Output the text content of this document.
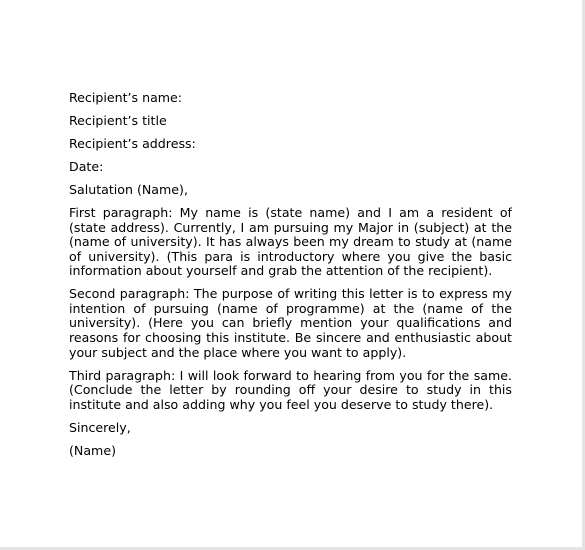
Recipient’s name:
Recipient’s title
Recipient’s address:
Date:
Salutation (Name),

First paragraph: My name is (state name) and I am a resident of (state address). Currently, I am pursuing my Major in (subject) at the (name of university). It has always been my dream to study at (name of university). (This para is introductory where you give the basic information about yourself and grab the attention of the recipient).

Second paragraph: The purpose of writing this letter is to express my intention of pursuing (name of programme) at the (name of the university). (Here you can briefly mention your qualifications and reasons for choosing this institute. Be sincere and enthusiastic about your subject and the place where you want to apply).

Third paragraph: I will look forward to hearing from you for the same. (Conclude the letter by rounding off your desire to study in this institute and also adding why you feel you deserve to study there).

Sincerely,
(Name)
